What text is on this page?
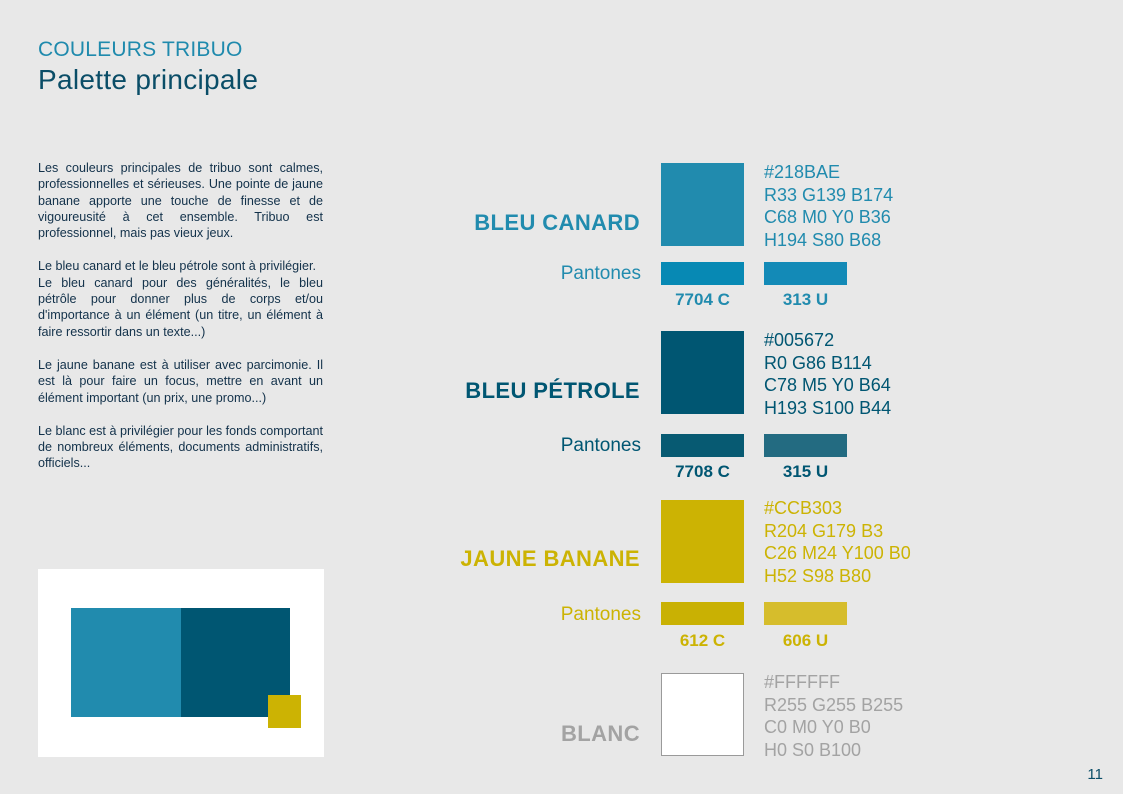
COULEURS TRIBUO
Palette principale

Les couleurs principales de tribuo sont calmes, professionnelles et sérieuses. Une pointe de jaune banane apporte une touche de finesse et de vigoureusité à cet ensemble. Tribuo est professionnel, mais pas vieux jeux.

Le bleu canard et le bleu pétrole sont à privilégier.
Le bleu canard pour des généralités, le bleu pétrôle pour donner plus de corps et/ou d'importance à un élément (un titre, un élément à faire ressortir dans un texte...)

Le jaune banane est à utiliser avec parcimonie. Il est là pour faire un focus, mettre en avant un élément important (un prix, une promo...)

Le blanc est à privilégier pour les fonds comportant de nombreux éléments, documents administratifs, officiels...

BLEU CANARD
#218BAE
R33 G139 B174
C68 M0 Y0 B36
H194 S80 B68
Pantones
7704 C	313 U
BLEU PÉTROLE
#005672
R0 G86 B114
C78 M5 Y0 B64
H193 S100 B44
Pantones
7708 C	315 U
JAUNE BANANE
#CCB303
R204 G179 B3
C26 M24 Y100 B0
H52 S98 B80
Pantones
612 C	606 U
BLANC
#FFFFFF
R255 G255 B255
C0 M0 Y0 B0
H0 S0 B100
11
